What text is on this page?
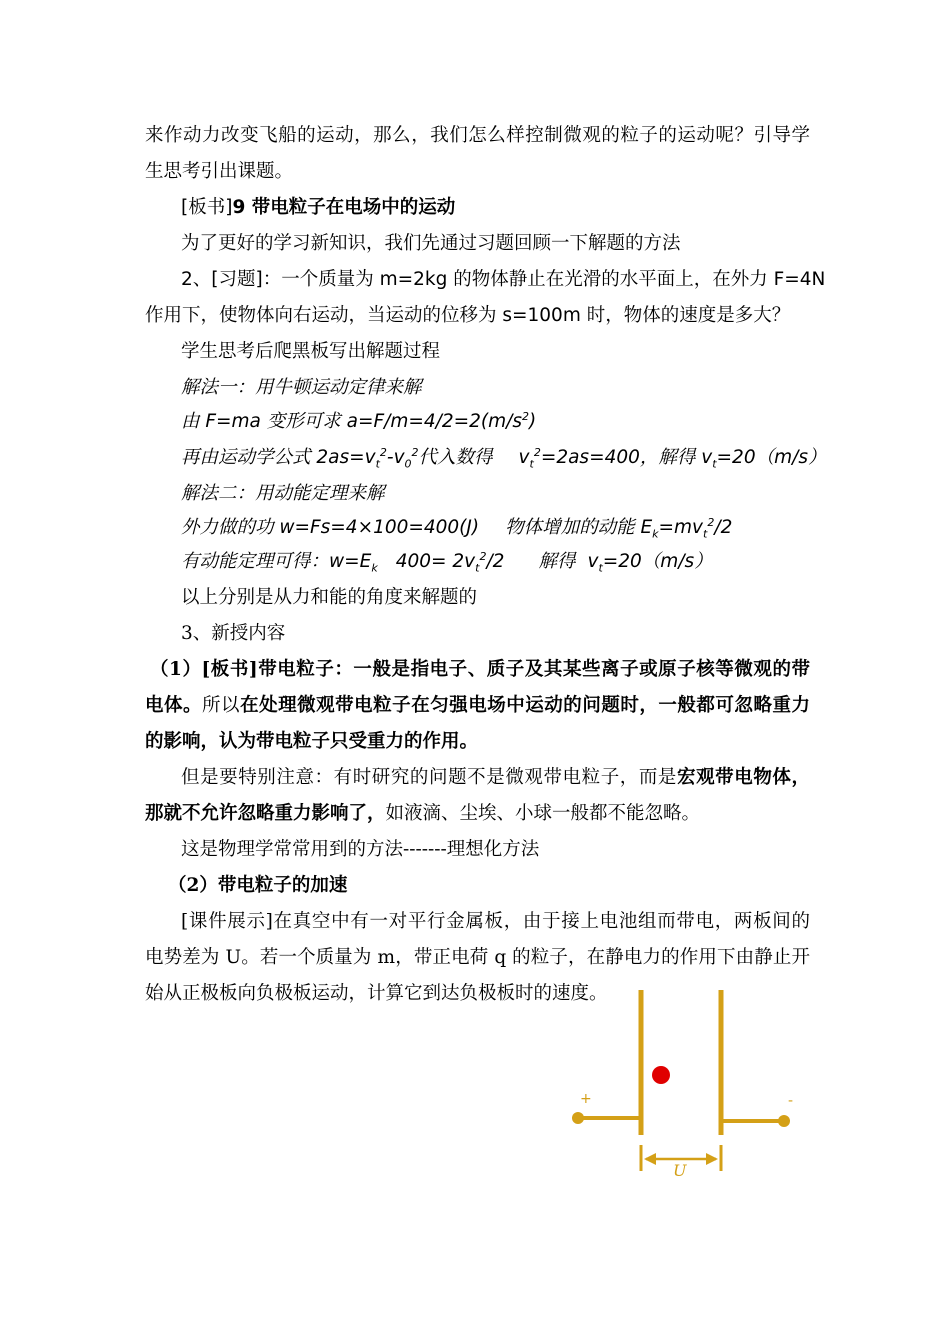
来作动力改变飞船的运动，那么，我们怎么样控制微观的粒子的运动呢？引导学
生思考引出课题。
[板书]9 带电粒子在电场中的运动
为了更好的学习新知识，我们先通过习题回顾一下解题的方法
2、[习题]：一个质量为 m=2kg 的物体静止在光滑的水平面上，在外力 F=4N
作用下，使物体向右运动，当运动的位移为 s=100m 时，物体的速度是多大？
学生思考后爬黑板写出解题过程
解法一：用牛顿运动定律来解
由 F=ma 变形可求 $a=F/m=4/2=2(m/s^2)$
再由运动学公式 $2as=v_t^2-v_0^2$代入数得 $v_t^2=2as=400$，解得 $v_t=20(m/s)$
解法二：用动能定理来解
外力做的功 w=Fs=4×100=400(J) 物体增加的动能 $E_k=mv_t^2/2$
有动能定理可得：$w=E_k$ $400= 2v_t^2/2$ 解得 $v_t=20(m/s)$
以上分别是从力和能的角度来解题的
3、新授内容
（1）[板书]带电粒子：一般是指电子、质子及其某些离子或原子核等微观的带
电体。所以在处理微观带电粒子在匀强电场中运动的问题时，一般都可忽略重力
的影响，认为带电粒子只受重力的作用。
但是要特别注意：有时研究的问题不是微观带电粒子，而是宏观带电物体，
那就不允许忽略重力影响了，如液滴、尘埃、小球一般都不能忽略。
这是物理学常常用到的方法-------理想化方法
（2）带电粒子的加速
[课件展示]在真空中有一对平行金属板，由于接上电池组而带电，两板间的
电势差为 U。若一个质量为 m，带正电荷 q 的粒子，在静电力的作用下由静止开
始从正极板向负极板运动，计算它到达负极板时的速度。
+	-
U
